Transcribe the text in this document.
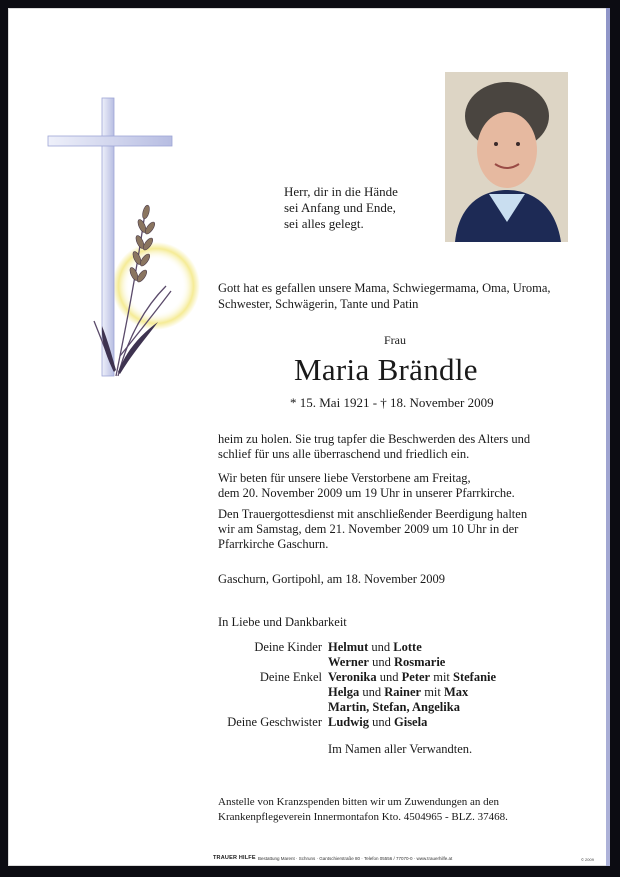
Herr, dir in die Hände
sei Anfang und Ende,
sei alles gelegt.
Gott hat es gefallen unsere Mama, Schwiegermama, Oma, Uroma,
Schwester, Schwägerin, Tante und Patin
Frau
Maria Brändle
* 15. Mai 1921 - † 18. November 2009
heim zu holen. Sie trug tapfer die Beschwerden des Alters und
schlief für uns alle überraschend und friedlich ein.
Wir beten für unsere liebe Verstorbene am Freitag,
dem 20. November 2009 um 19 Uhr in unserer Pfarrkirche.
Den Trauergottesdienst mit anschließender Beerdigung halten
wir am Samstag, dem 21. November 2009 um 10 Uhr in der
Pfarrkirche Gaschurn.
Gaschurn, Gortipohl, am 18. November 2009
In Liebe und Dankbarkeit
Deine Kinder Helmut und Lotte
Werner und Rosmarie
Deine Enkel Veronika und Peter mit Stefanie
Helga und Rainer mit Max
Martin, Stefan, Angelika
Deine Geschwister Ludwig und Gisela
Im Namen aller Verwandten.
Anstelle von Kranzspenden bitten wir um Zuwendungen an den
Krankenpflegeverein Innermontafon Kto. 4504965 - BLZ. 37468.
TRAUER HILFE Bestattung Marent · Schruns · Gantschierstraße 80 · Telefon 05556 / 77070-0 · www.trauerhilfe.at	© 2009
